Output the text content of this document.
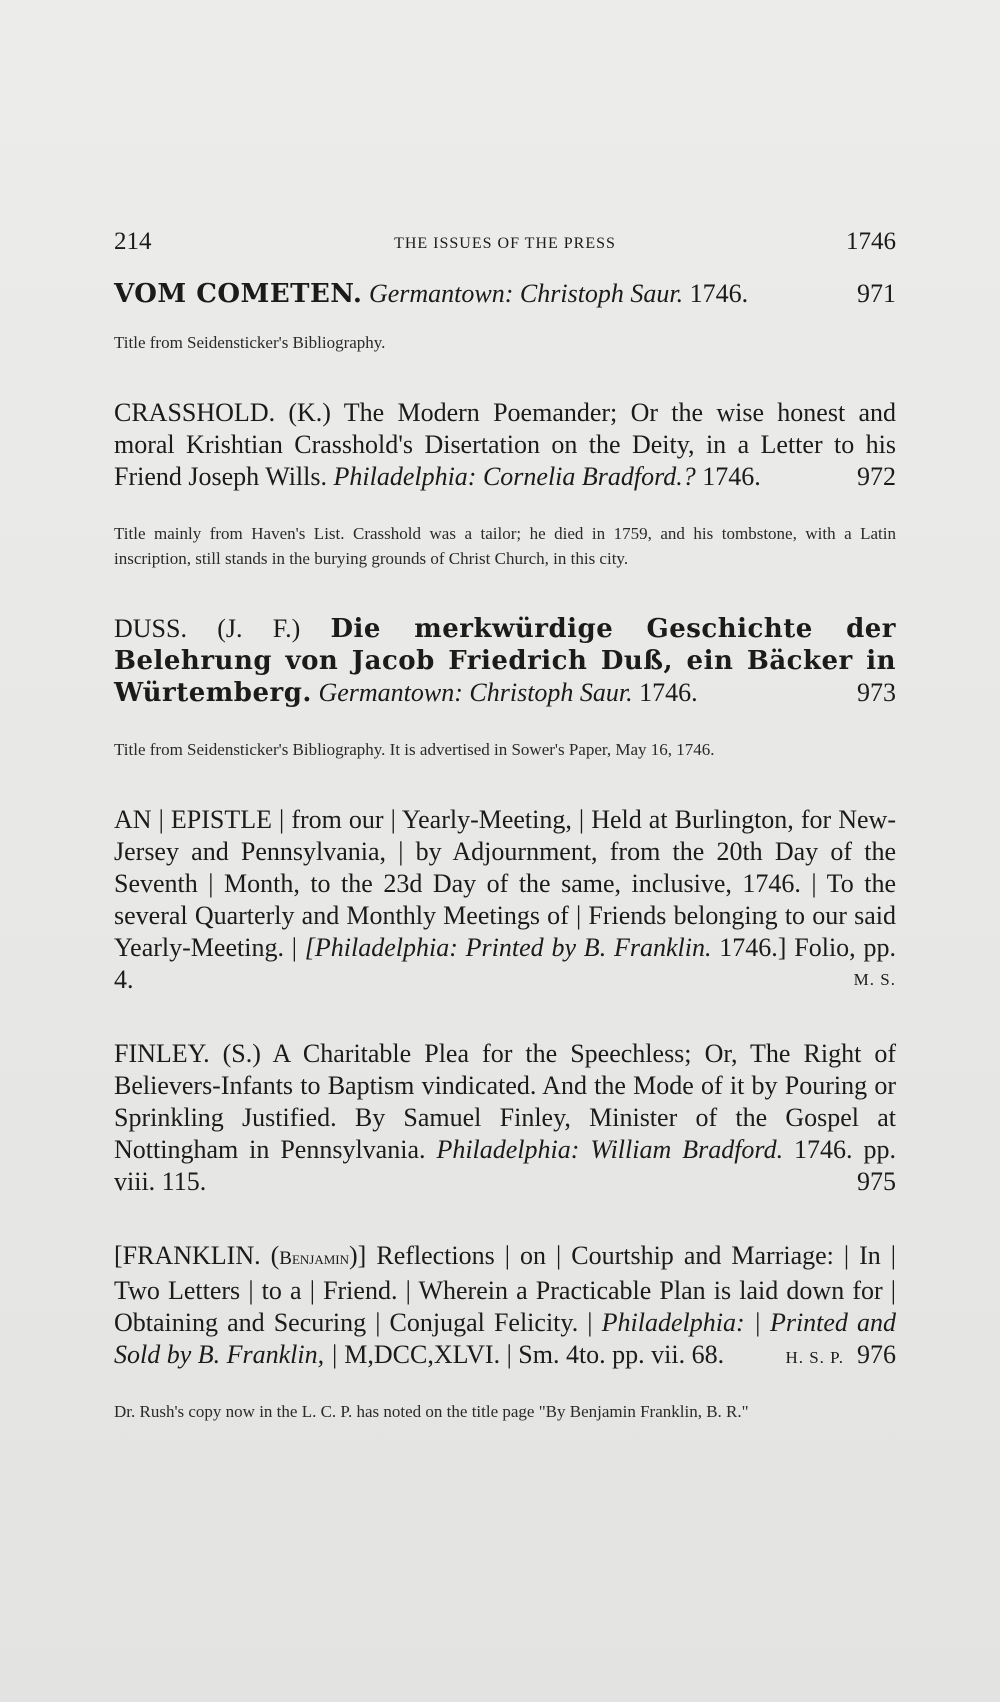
214	THE ISSUES OF THE PRESS	1746

VOM COMETEN. Germantown: Christoph Saur. 1746.	971

Title from Seidensticker's Bibliography.

CRASSHOLD. (K.) The Modern Poemander; Or the wise honest and moral Krishtian Crasshold's Disertation on the Deity, in a Letter to his Friend Joseph Wills. Philadelphia: Cornelia Bradford.? 1746.	972

Title mainly from Haven's List. Crasshold was a tailor; he died in 1759, and his tombstone, with a Latin inscription, still stands in the burying grounds of Christ Church, in this city.

DUSS. (J. F.) Die merkwürdige Geschichte der Belehrung von Jacob Friedrich Duß, ein Bäcker in Würtemberg. Germantown: Christoph Saur. 1746.	973

Title from Seidensticker's Bibliography. It is advertised in Sower's Paper, May 16, 1746.

AN | EPISTLE | from our | Yearly-Meeting, | Held at Burlington, for New-Jersey and Pennsylvania, | by Adjournment, from the 20th Day of the Seventh | Month, to the 23d Day of the same, inclusive, 1746. | To the several Quarterly and Monthly Meetings of | Friends belonging to our said Yearly-Meeting. | [Philadelphia: Printed by B. Franklin. 1746.] Folio, pp. 4.	M. S.

FINLEY. (S.) A Charitable Plea for the Speechless; Or, The Right of Believers-Infants to Baptism vindicated. And the Mode of it by Pouring or Sprinkling Justified. By Samuel Finley, Minister of the Gospel at Nottingham in Pennsylvania. Philadelphia: William Bradford. 1746. pp. viii. 115.	975

[FRANKLIN. (Benjamin)] Reflections | on | Courtship and Marriage: | In | Two Letters | to a | Friend. | Wherein a Practicable Plan is laid down for | Obtaining and Securing | Conjugal Felicity. | Philadelphia: | Printed and Sold by B. Franklin, | M,DCC,XLVI. | Sm. 4to. pp. vii. 68.	H. S. P. 976

Dr. Rush's copy now in the L. C. P. has noted on the title page "By Benjamin Franklin, B. R."
